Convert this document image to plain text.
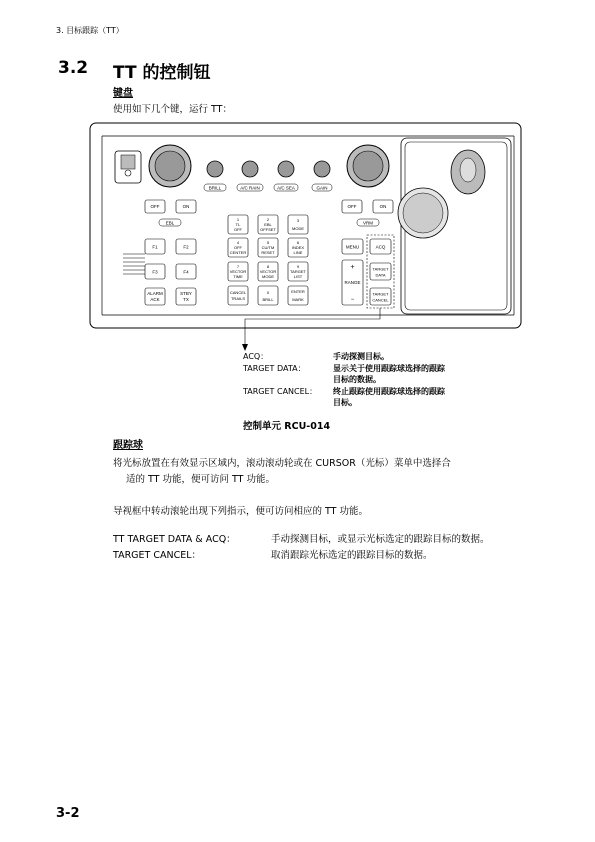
3. 目标跟踪（TT）
3.2 TT 的控制钮
键盘
使用如下几个键，运行 TT：
BRILL	A/C RAIN	A/C SEA	GAIN
OFF	ON
EBL
OFF	ON
VRM
F1	F2
F3	F4
ALARM
ACK
STBY
TX
1
TL
OFF
2
EBL
OFFSET
3
MODE
4
OFF
CENTER
5
CU/TM
RESET
6
INDEX
LINE
7
VECTOR
TIME
8
VECTOR
MODE
9
TARGET
LIST
CANCEL
TRAILS
0
BRILL
ENTER
MARK
MENU	ACQ
+
RANGE
−
TARGET
DATA
TARGET
CANCEL
ACQ：	手动探测目标。
TARGET DATA：	显示关于使用跟踪球选择的跟踪
目标的数据。
TARGET CANCEL： 终止跟踪使用跟踪球选择的跟踪
目标。
控制单元 RCU-014
跟踪球
将光标放置在有效显示区域内，滚动滚动轮或在 CURSOR（光标）菜单中选择合
适的 TT 功能，便可访问 TT 功能。
导视框中转动滚轮出现下列指示，便可访问相应的 TT 功能。
TT TARGET DATA & ACQ：	手动探测目标，或显示光标选定的跟踪目标的数据。
TARGET CANCEL：	取消跟踪光标选定的跟踪目标的数据。
3-2
